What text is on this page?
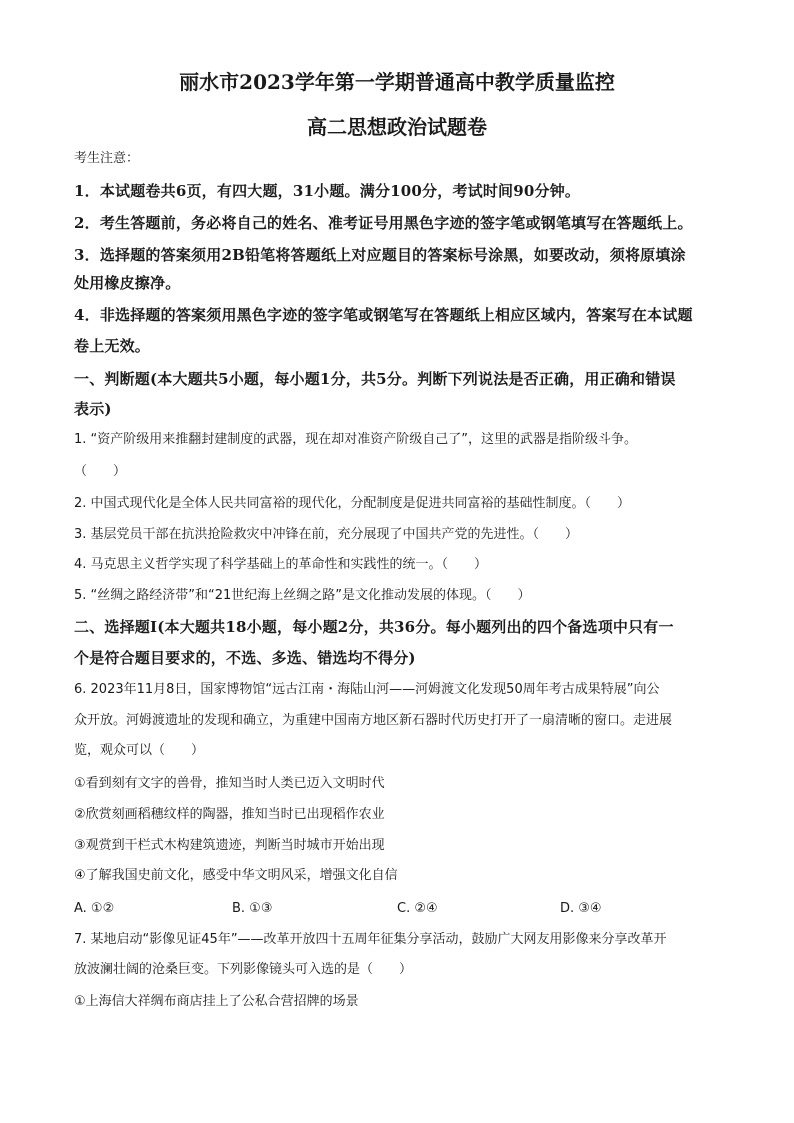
丽水市2023学年第一学期普通高中教学质量监控
高二思想政治试题卷
考生注意：
1．本试题卷共6页，有四大题，31小题。满分100分，考试时间90分钟。
2．考生答题前，务必将自己的姓名、准考证号用黑色字迹的签字笔或钢笔填写在答题纸上。
3．选择题的答案须用2B铅笔将答题纸上对应题目的答案标号涂黑，如要改动，须将原填涂
处用橡皮擦净。
4．非选择题的答案须用黑色字迹的签字笔或钢笔写在答题纸上相应区域内，答案写在本试题
卷上无效。
一、判断题(本大题共5小题，每小题1分，共5分。判断下列说法是否正确，用正确和错误
表示)
1. “资产阶级用来推翻封建制度的武器，现在却对准资产阶级自己了”，这里的武器是指阶级斗争。
（　　）
2. 中国式现代化是全体人民共同富裕的现代化，分配制度是促进共同富裕的基础性制度。（　　）
3. 基层党员干部在抗洪抢险救灾中冲锋在前，充分展现了中国共产党的先进性。（　　）
4. 马克思主义哲学实现了科学基础上的革命性和实践性的统一。（　　）
5. “丝绸之路经济带”和“21世纪海上丝绸之路”是文化推动发展的体现。（　　）
二、选择题Ⅰ(本大题共18小题，每小题2分，共36分。每小题列出的四个备选项中只有一
个是符合题目要求的，不选、多选、错选均不得分)
6. 2023年11月8日，国家博物馆“远古江南・海陆山河——河姆渡文化发现50周年考古成果特展”向公
众开放。河姆渡遗址的发现和确立，为重建中国南方地区新石器时代历史打开了一扇清晰的窗口。走进展
览，观众可以（　　）
①看到刻有文字的兽骨，推知当时人类已迈入文明时代
②欣赏刻画稻穗纹样的陶器，推知当时已出现稻作农业
③观赏到干栏式木构建筑遗迹，判断当时城市开始出现
④了解我国史前文化，感受中华文明风采，增强文化自信
A. ①②	B. ①③	C. ②④	D. ③④
7. 某地启动“影像见证45年”——改革开放四十五周年征集分享活动，鼓励广大网友用影像来分享改革开
放波澜壮阔的沧桑巨变。下列影像镜头可入选的是（　　）
①上海信大祥绸布商店挂上了公私合营招牌的场景
